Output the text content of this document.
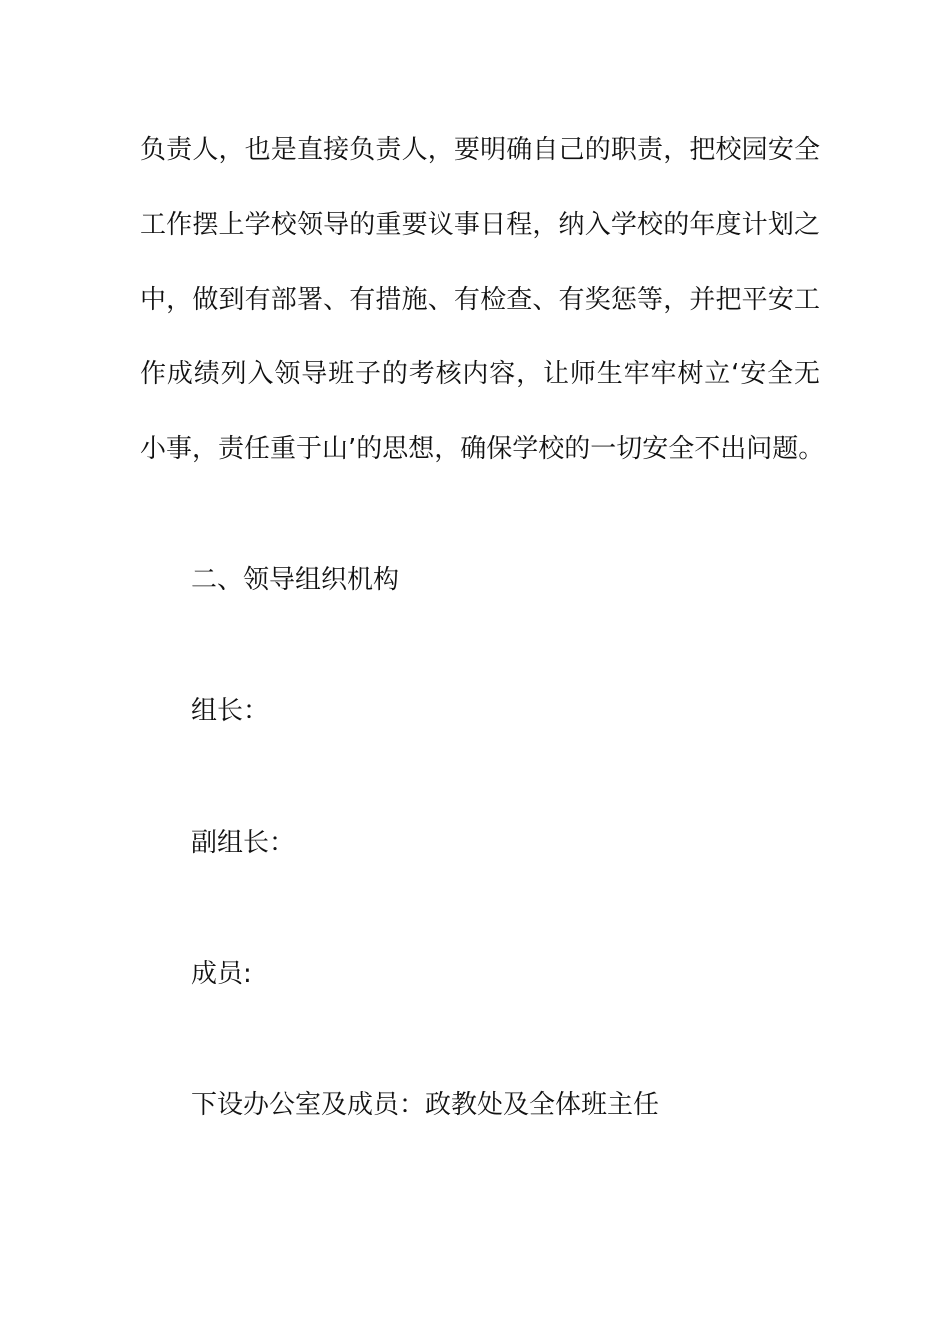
负责人，也是直接负责人，要明确自己的职责，把校园安全
工作摆上学校领导的重要议事日程，纳入学校的年度计划之
中，做到有部署、有措施、有检查、有奖惩等，并把平安工
作成绩列入领导班子的考核内容，让师生牢牢树立‘安全无
小事，责任重于山’的思想，确保学校的一切安全不出问题。
二、领导组织机构
组长：
副组长：
成员:
下设办公室及成员：政教处及全体班主任
